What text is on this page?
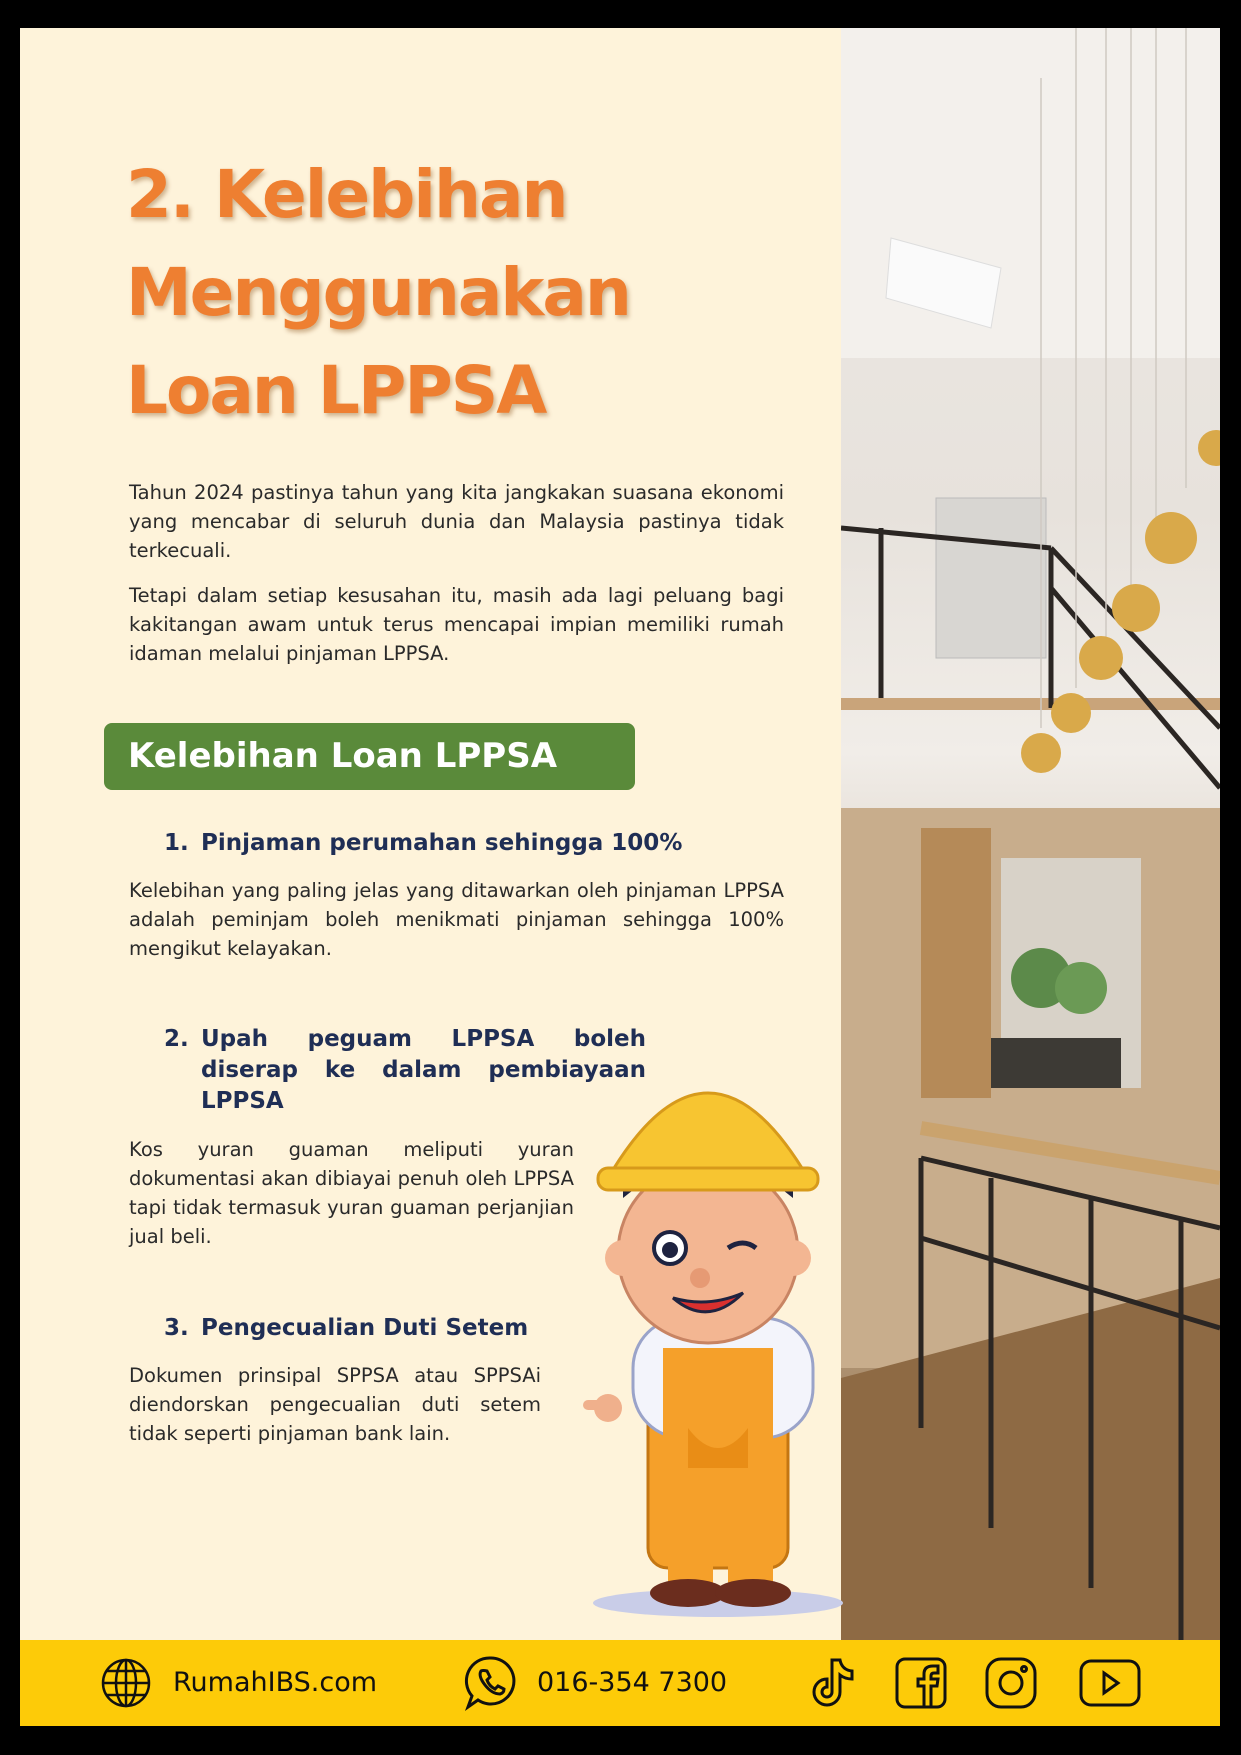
2. Kelebihan
Menggunakan
Loan LPPSA

Tahun 2024 pastinya tahun yang kita jangkakan suasana ekonomi yang mencabar di seluruh dunia dan Malaysia pastinya tidak terkecuali.

Tetapi dalam setiap kesusahan itu, masih ada lagi peluang bagi kakitangan awam untuk terus mencapai impian memiliki rumah idaman melalui pinjaman LPPSA.

Kelebihan Loan LPPSA
1. Pinjaman perumahan sehingga 100%

Kelebihan yang paling jelas yang ditawarkan oleh pinjaman LPPSA adalah peminjam boleh menikmati pinjaman sehingga 100% mengikut kelayakan.

2. Upah peguam LPPSA boleh diserap ke dalam pembiayaan LPPSA

Kos yuran guaman meliputi yuran dokumentasi akan dibiayai penuh oleh LPPSA tapi tidak termasuk yuran guaman perjanjian jual beli.

3. Pengecualian Duti Setem

Dokumen prinsipal SPPSA atau SPPSAi diendorskan pengecualian duti setem tidak seperti pinjaman bank lain.

RumahIBS.com	016-354 7300
